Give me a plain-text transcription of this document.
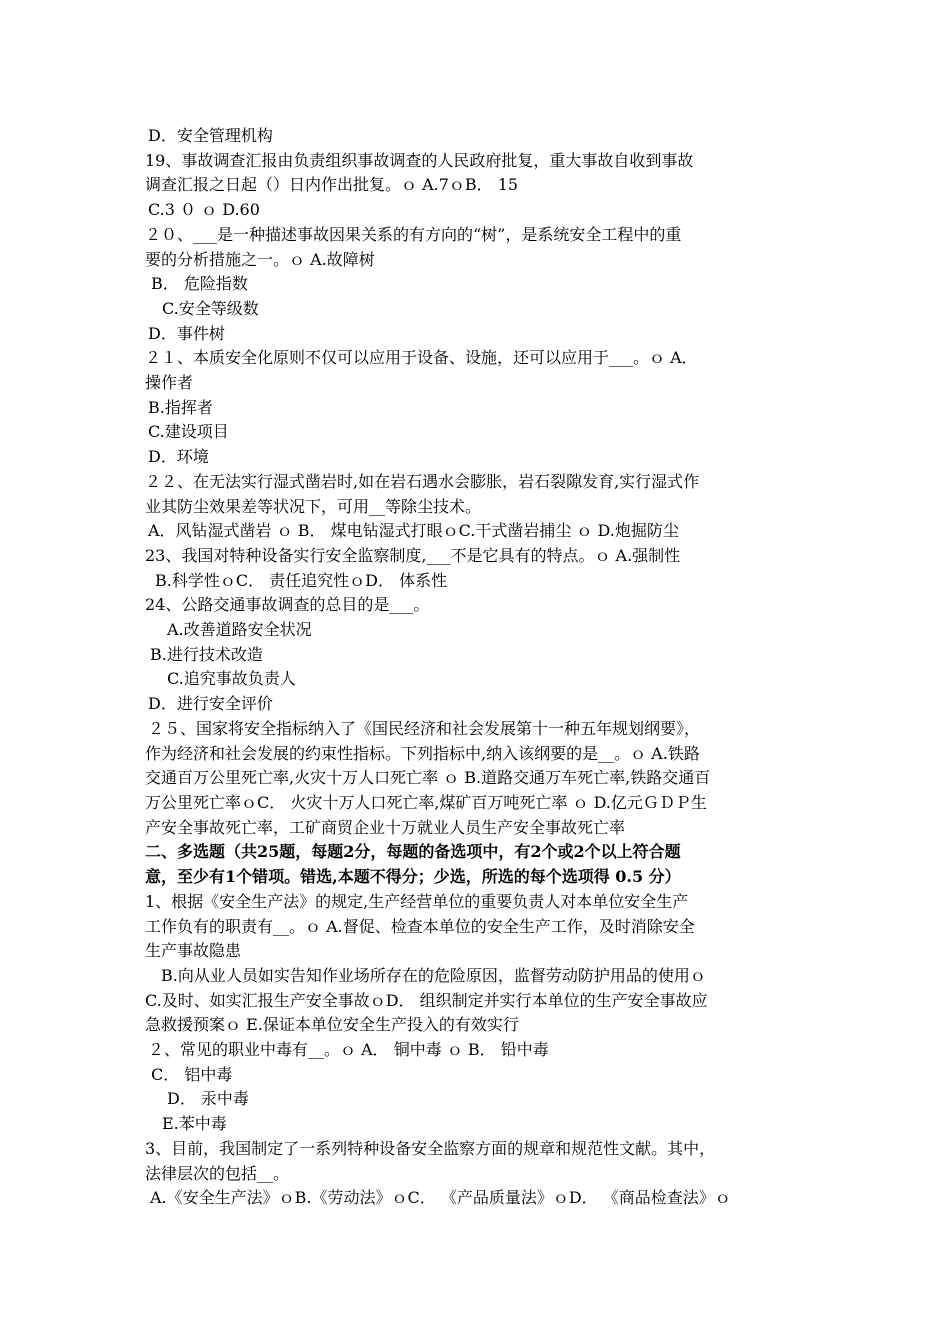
D．安全管理机构
19、事故调查汇报由负责组织事故调查的人民政府批复，重大事故自收到事故
调查汇报之日起（）日内作出批复。ｏ A.7ｏB． 15
C.3 ０ ｏ D.60
２０、___是一种描述事故因果关系的有方向的“树”，是系统安全工程中的重
要的分析措施之一。ｏ A.故障树
B． 危险指数
C.安全等级数
D．事件树
２１、本质安全化原则不仅可以应用于设备、设施，还可以应用于___。ｏ A．
操作者
B.指挥者
C.建设项目
D．环境
２２、在无法实行湿式凿岩时,如在岩石遇水会膨胀，岩石裂隙发育,实行湿式作
业其防尘效果差等状况下，可用__等除尘技术。
A．风钻湿式凿岩 ｏ B． 煤电钻湿式打眼ｏC.干式凿岩捕尘 ｏ D.炮掘防尘
23、我国对特种设备实行安全监察制度,___不是它具有的特点。ｏ A.强制性
B.科学性ｏC． 责任追究性ｏD． 体系性
24、公路交通事故调查的总目的是___。
A.改善道路安全状况
B.进行技术改造
C.追究事故负责人
D．进行安全评价
２５、国家将安全指标纳入了《国民经济和社会发展第十一种五年规划纲要》，
作为经济和社会发展的约束性指标。下列指标中,纳入该纲要的是__。ｏ A.铁路
交通百万公里死亡率,火灾十万人口死亡率 ｏ B.道路交通万车死亡率,铁路交通百
万公里死亡率ｏC． 火灾十万人口死亡率,煤矿百万吨死亡率 ｏ D.亿元ＧＤＰ生
产安全事故死亡率，工矿商贸企业十万就业人员生产安全事故死亡率
二、多选题（共25题，每题2分，每题的备选项中，有2个或2个以上符合题
意，至少有1个错项。错选,本题不得分；少选，所选的每个选项得 0.5 分）
1、根据《安全生产法》的规定,生产经营单位的重要负责人对本单位安全生产
工作负有的职责有__。ｏ A.督促、检查本单位的安全生产工作，及时消除安全
生产事故隐患
B.向从业人员如实告知作业场所存在的危险原因，监督劳动防护用品的使用ｏ
C.及时、如实汇报生产安全事故ｏD． 组织制定并实行本单位的生产安全事故应
急救援预案ｏ E.保证本单位安全生产投入的有效实行
２、常见的职业中毒有__。ｏ A． 铜中毒 ｏ B． 铅中毒
C． 铝中毒
D． 汞中毒
E.苯中毒
3、目前，我国制定了一系列特种设备安全监察方面的规章和规范性文献。其中，
法律层次的包括__。
A.《安全生产法》ｏB.《劳动法》ｏC． 《产品质量法》ｏD． 《商品检查法》ｏ
